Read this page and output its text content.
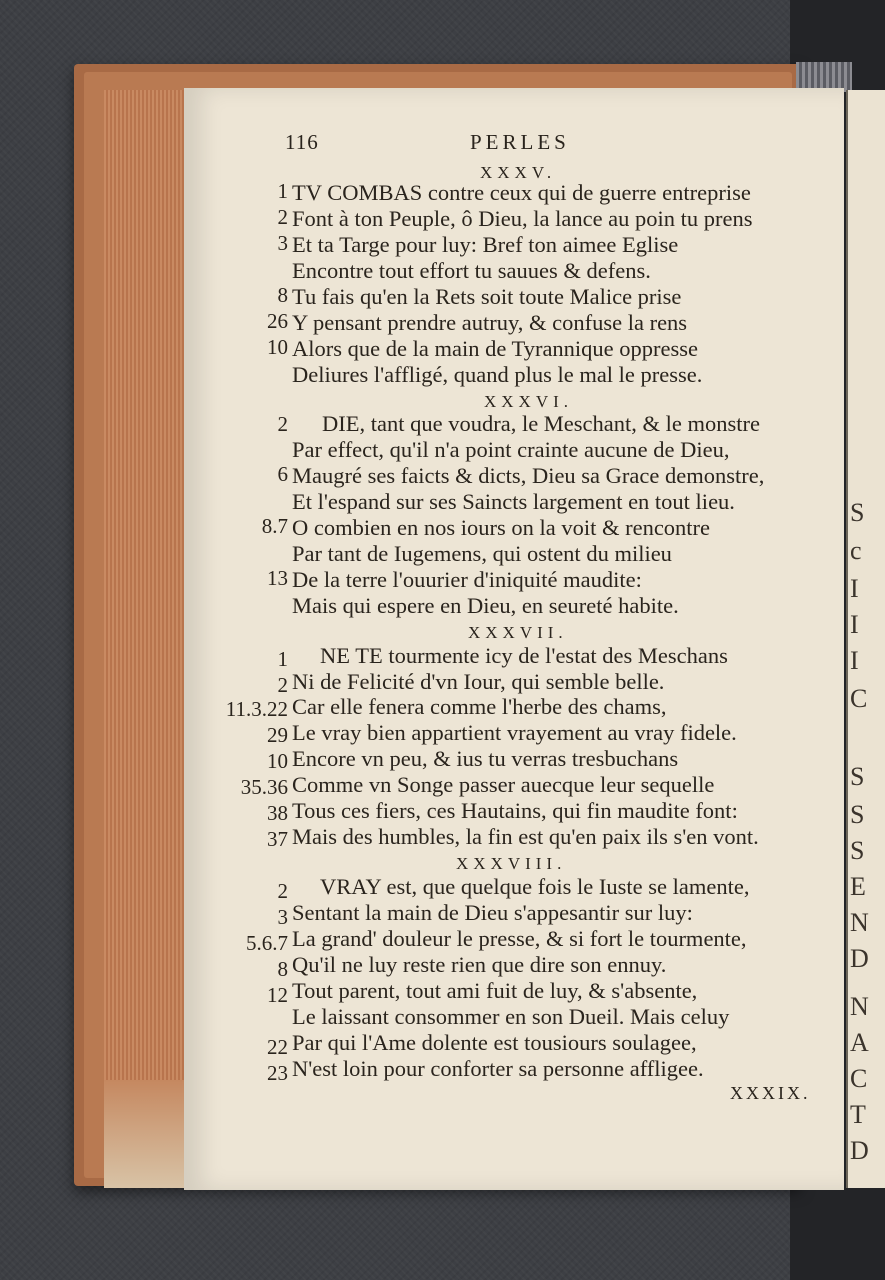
S
c
I
I
I
C
S
S
S
E
N
D
N
A
C
T
D
116	PERLES
XXXV.
1 TV COMBAS contre ceux qui de guerre entreprise
2 Font à ton Peuple, ô Dieu, la lance au poin tu prens
3 Et ta Targe pour luy: Bref ton aimee Eglise
Encontre tout effort tu sauues & defens.
8 Tu fais qu'en la Rets soit toute Malice prise
26 Y pensant prendre autruy, & confuse la rens
10 Alors que de la main de Tyrannique oppresse
Deliures l'affligé, quand plus le mal le presse.
XXXVI.
2 DIE, tant que voudra, le Meschant, & le monstre
Par effect, qu'il n'a point crainte aucune de Dieu,
6 Maugré ses faicts & dicts, Dieu sa Grace demonstre,
Et l'espand sur ses Saincts largement en tout lieu.
8.7 O combien en nos iours on la voit & rencontre
Par tant de Iugemens, qui ostent du milieu
13 De la terre l'ouurier d'iniquité maudite:
Mais qui espere en Dieu, en seureté habite.
XXXVII.
1 NE TE tourmente icy de l'estat des Meschans
2 Ni de Felicité d'vn Iour, qui semble belle.
11.3.22 Car elle fenera comme l'herbe des chams,
29 Le vray bien appartient vrayement au vray fidele.
10 Encore vn peu, & ius tu verras tresbuchans
35.36 Comme vn Songe passer auecque leur sequelle
38 Tous ces fiers, ces Hautains, qui fin maudite font:
37 Mais des humbles, la fin est qu'en paix ils s'en vont.
XXXVIII.
2 VRAY est, que quelque fois le Iuste se lamente,
3 Sentant la main de Dieu s'appesantir sur luy:
5.6.7 La grand' douleur le presse, & si fort le tourmente,
8 Qu'il ne luy reste rien que dire son ennuy.
12 Tout parent, tout ami fuit de luy, & s'absente,
Le laissant consommer en son Dueil. Mais celuy
22 Par qui l'Ame dolente est tousiours soulagee,
23 N'est loin pour conforter sa personne affligee.
XXXIX.
